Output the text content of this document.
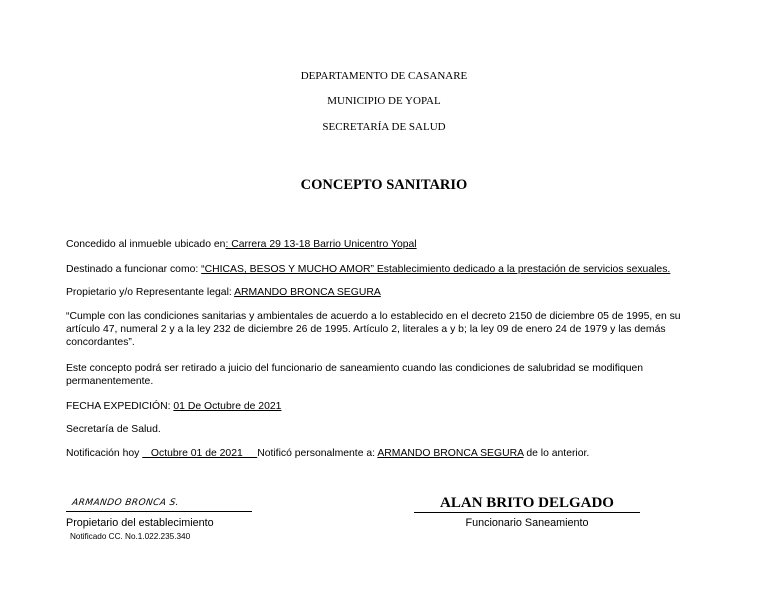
DEPARTAMENTO DE CASANARE
MUNICIPIO DE YOPAL
SECRETARÍA DE SALUD
CONCEPTO SANITARIO
Concedido al inmueble ubicado en: Carrera 29 13-18 Barrio Unicentro Yopal
Destinado a funcionar como: “CHICAS, BESOS Y MUCHO AMOR” Establecimiento dedicado a la prestación de servicios sexuales.
Propietario y/o Representante legal: ARMANDO BRONCA SEGURA
“Cumple con las condiciones sanitarias y ambientales de acuerdo a lo establecido en el decreto 2150 de diciembre 05 de 1995, en su artículo 47, numeral 2 y a la ley 232 de diciembre 26 de 1995. Artículo 2, literales a y b; la ley 09 de enero 24 de 1979 y las demás concordantes”.
Este concepto podrá ser retirado a juicio del funcionario de saneamiento cuando las condiciones de salubridad se modifiquen permanentemente.
FECHA EXPEDICIÓN: 01 De Octubre de 2021
Secretaría de Salud.
Notificación hoy    Octubre 01 de 2021     Notificó personalmente a: ARMANDO BRONCA SEGURA de lo anterior.
ARMANDO BRONCA S.
Propietario del establecimiento
Notificado CC. No.1.022.235.340
ALAN BRITO DELGADO
Funcionario Saneamiento
